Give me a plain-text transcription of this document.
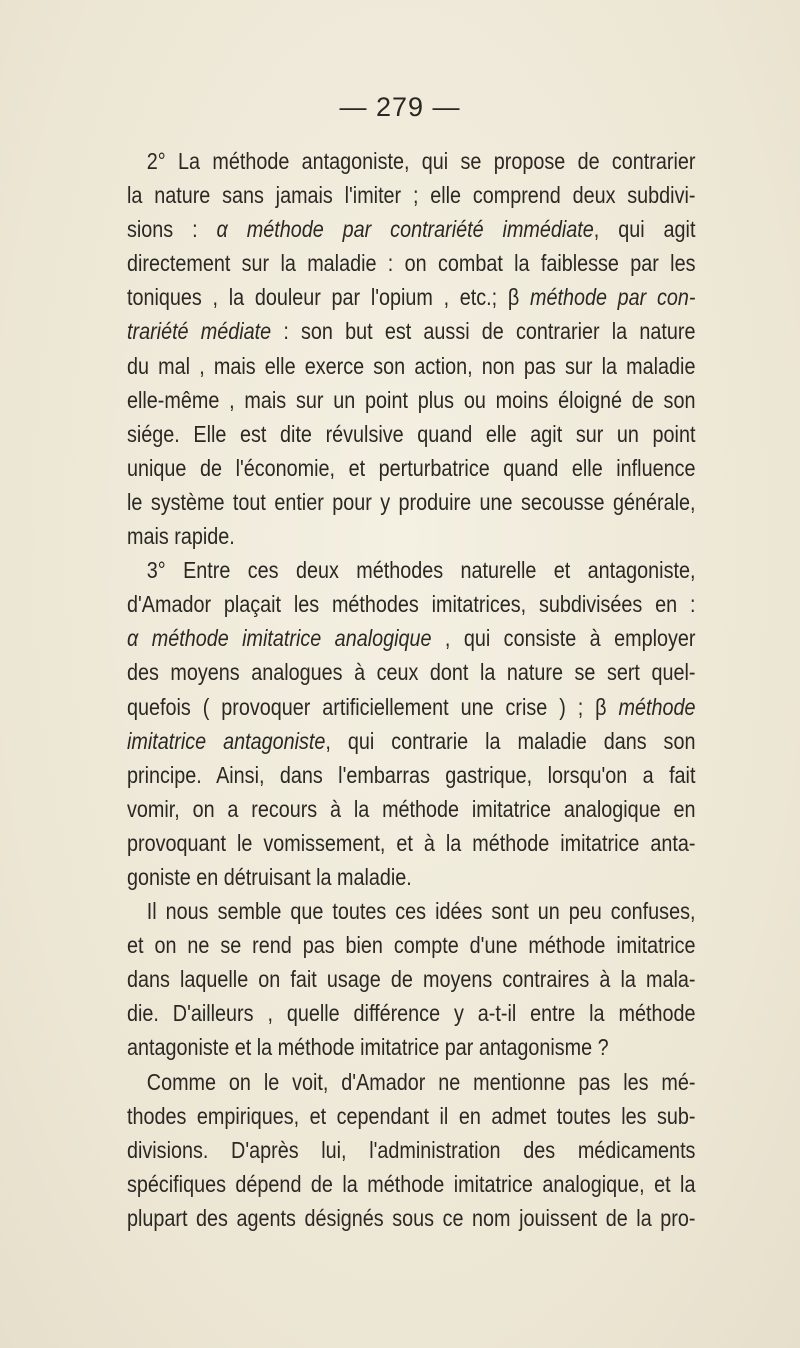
— 279 —
2° La méthode antagoniste, qui se propose de contrarier
la nature sans jamais l'imiter ; elle comprend deux subdivi-
sions : α méthode par contrariété immédiate, qui agit
directement sur la maladie : on combat la faiblesse par les
toniques , la douleur par l'opium , etc.; β méthode par con-
trariété médiate : son but est aussi de contrarier la nature
du mal , mais elle exerce son action, non pas sur la maladie
elle-même , mais sur un point plus ou moins éloigné de son
siége. Elle est dite révulsive quand elle agit sur un point
unique de l'économie, et perturbatrice quand elle influence
le système tout entier pour y produire une secousse générale,
mais rapide.
3° Entre ces deux méthodes naturelle et antagoniste,
d'Amador plaçait les méthodes imitatrices, subdivisées en :
α méthode imitatrice analogique , qui consiste à employer
des moyens analogues à ceux dont la nature se sert quel-
quefois ( provoquer artificiellement une crise ) ; β méthode
imitatrice antagoniste, qui contrarie la maladie dans son
principe. Ainsi, dans l'embarras gastrique, lorsqu'on a fait
vomir, on a recours à la méthode imitatrice analogique en
provoquant le vomissement, et à la méthode imitatrice anta-
goniste en détruisant la maladie.
Il nous semble que toutes ces idées sont un peu confuses,
et on ne se rend pas bien compte d'une méthode imitatrice
dans laquelle on fait usage de moyens contraires à la mala-
die. D'ailleurs , quelle différence y a-t-il entre la méthode
antagoniste et la méthode imitatrice par antagonisme ?
Comme on le voit, d'Amador ne mentionne pas les mé-
thodes empiriques, et cependant il en admet toutes les sub-
divisions. D'après lui, l'administration des médicaments
spécifiques dépend de la méthode imitatrice analogique, et la
plupart des agents désignés sous ce nom jouissent de la pro-
